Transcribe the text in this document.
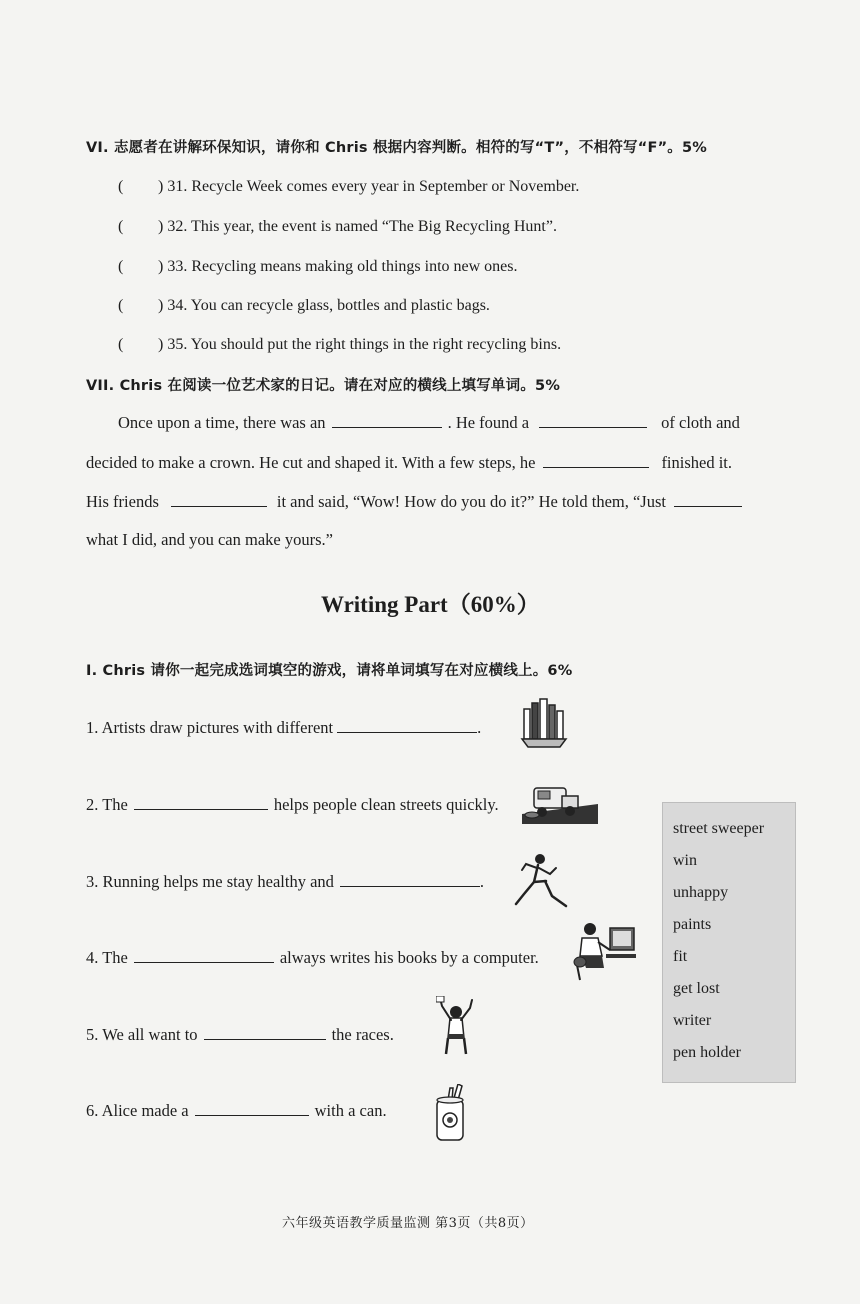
VI. 志愿者在讲解环保知识，请你和 Chris 根据内容判断。相符的写“T”，不相符写“F”。5%
( ) 31. Recycle Week comes every year in September or November.
( ) 32. This year, the event is named “The Big Recycling Hunt”.
( ) 33. Recycling means making old things into new ones.
( ) 34. You can recycle glass, bottles and plastic bags.
( ) 35. You should put the right things in the right recycling bins.
VII. Chris 在阅读一位艺术家的日记。请在对应的横线上填写单词。5%
Once upon a time, there was an	. He found a	of cloth and
decided to make a crown. He cut and shaped it. With a few steps, he	finished it.
His friends	it and said, “Wow! How do you do it?” He told them, “Just
what I did, and you can make yours.”
Writing Part（60%）
I. Chris 请你一起完成选词填空的游戏，请将单词填写在对应横线上。6%
1. Artists draw pictures with different	.
2. The	helps people clean streets quickly.
3. Running helps me stay healthy and	.
4. The	always writes his books by a computer.
5. We all want to	the races.
6. Alice made a	with a can.
street sweeper
win
unhappy
paints
fit
get lost
writer
pen holder
六年级英语教学质量监测 第3页（共8页）
